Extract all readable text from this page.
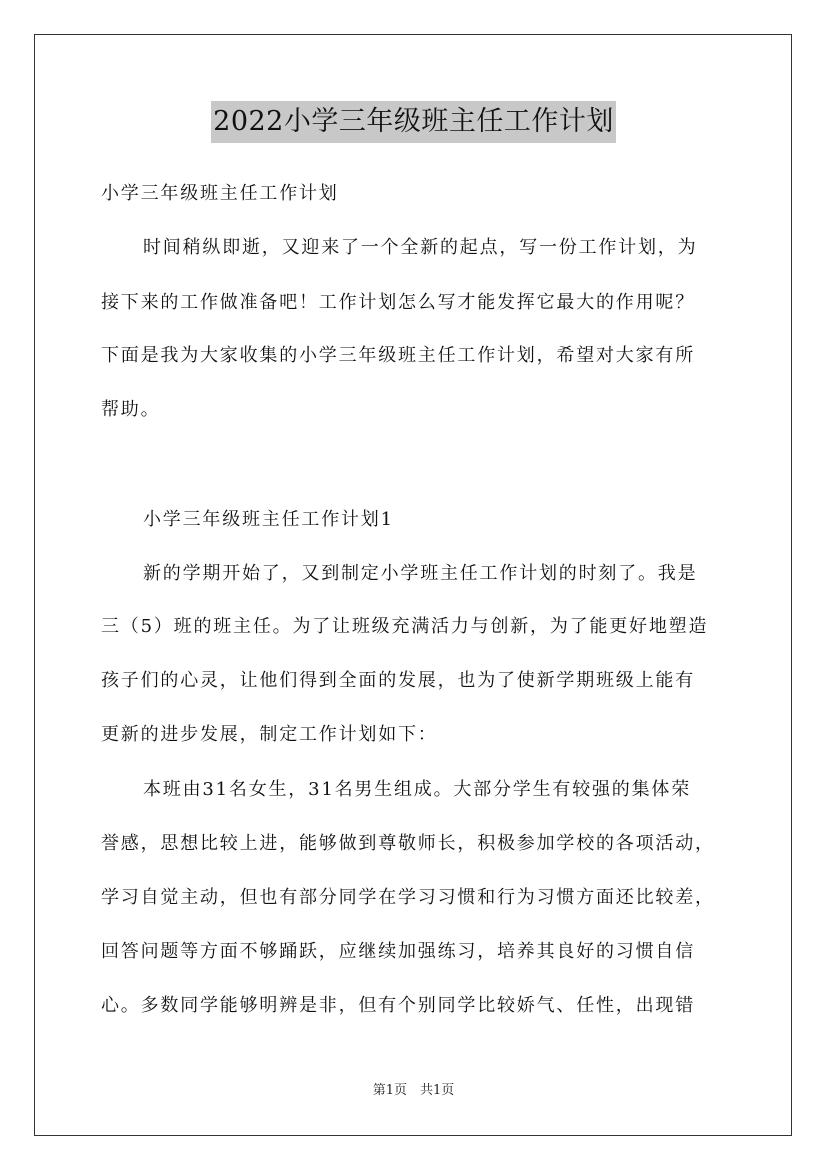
2022小学三年级班主任工作计划
小学三年级班主任工作计划
时间稍纵即逝，又迎来了一个全新的起点，写一份工作计划，为
接下来的工作做准备吧！工作计划怎么写才能发挥它最大的作用呢？
下面是我为大家收集的小学三年级班主任工作计划，希望对大家有所
帮助。
小学三年级班主任工作计划1
新的学期开始了，又到制定小学班主任工作计划的时刻了。我是
三（5）班的班主任。为了让班级充满活力与创新，为了能更好地塑造
孩子们的心灵，让他们得到全面的发展，也为了使新学期班级上能有
更新的进步发展，制定工作计划如下：
本班由31名女生，31名男生组成。大部分学生有较强的集体荣
誉感，思想比较上进，能够做到尊敬师长，积极参加学校的各项活动，
学习自觉主动，但也有部分同学在学习习惯和行为习惯方面还比较差，
回答问题等方面不够踊跃，应继续加强练习，培养其良好的习惯自信
心。多数同学能够明辨是非，但有个别同学比较娇气、任性，出现错
第1页　共1页
